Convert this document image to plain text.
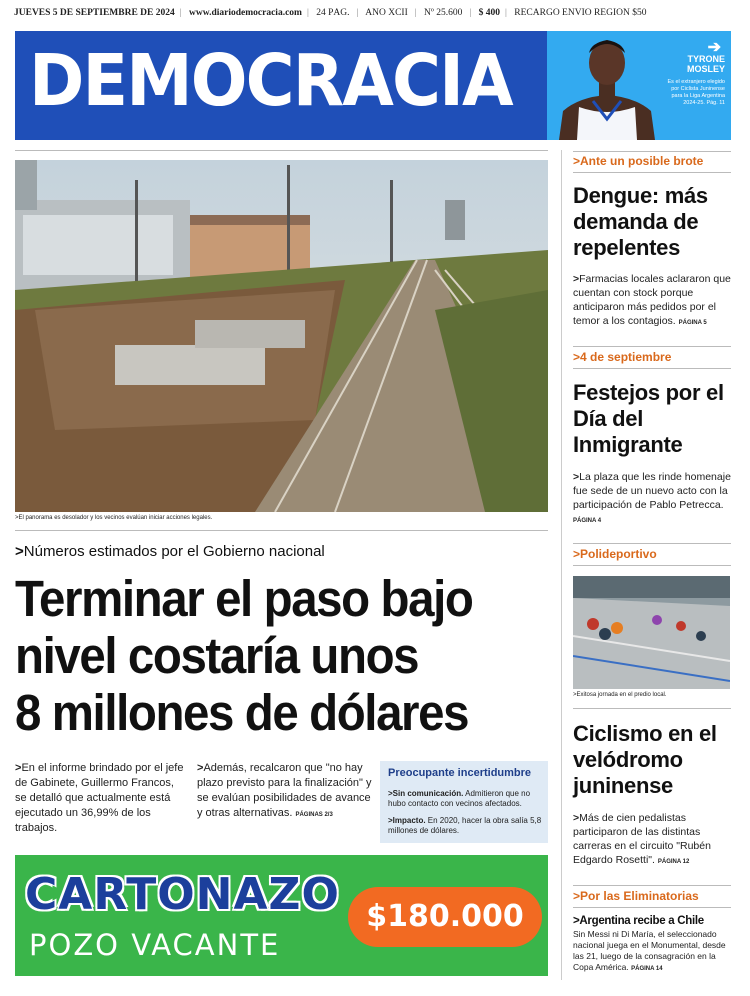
JUEVES 5 DE SEPTIEMBRE DE 2024 | www.diariodemocracia.com | 24 PÁG. | AÑO XCII | Nº 25.600 | $ 400 | RECARGO ENVÍO REGIÓN $50
DEMOCRACIA	➔
TYRONE MOSLEY
Es el extranjero elegido por Ciclista Juninense para la Liga Argentina 2024-25. Pág. 11
>El panorama es desolador y los vecinos evalúan iniciar acciones legales.
> Números estimados por el Gobierno nacional
Terminar el paso bajo
nivel costaría unos
8 millones de dólares
> En el informe brindado por el jefe de Gabinete, Guillermo Francos, se detalló que actualmente está ejecutado un 36,99% de los trabajos.
>Además, recalcaron que "no hay plazo previsto para la finalización" y se evalúan posibilidades de avance y otras alternativas. PÁGINAS 2/3
Preocupante incertidumbre
>Sin comunicación. Admitieron que no hubo contacto con vecinos afectados.
>Impacto. En 2020, hacer la obra salía 5,8 millones de dólares.
CARTONAZO
POZO VACANTE
$180.000
> Ante un posible brote
Dengue: más demanda de repelentes
> Farmacias locales aclararon que cuentan con stock porque anticiparon más pedidos por el temor a los contagios. PÁGINA 5
> 4 de septiembre
Festejos por el Día del Inmigrante
> La plaza que les rinde homenaje fue sede de un nuevo acto con la participación de Pablo Petrecca. PÁGINA 4
> Polideportivo
>Exitosa jornada en el predio local.
Ciclismo en el velódromo juninense
> Más de cien pedalistas participaron de las distintas carreras en el circuito "Rubén Edgardo Rosetti". PÁGINA 12
> Por las Eliminatorias
>Argentina recibe a Chile
Sin Messi ni Di María, el seleccionado nacional juega en el Monumental, desde las 21, luego de la consagración en la Copa América. PÁGINA 14
